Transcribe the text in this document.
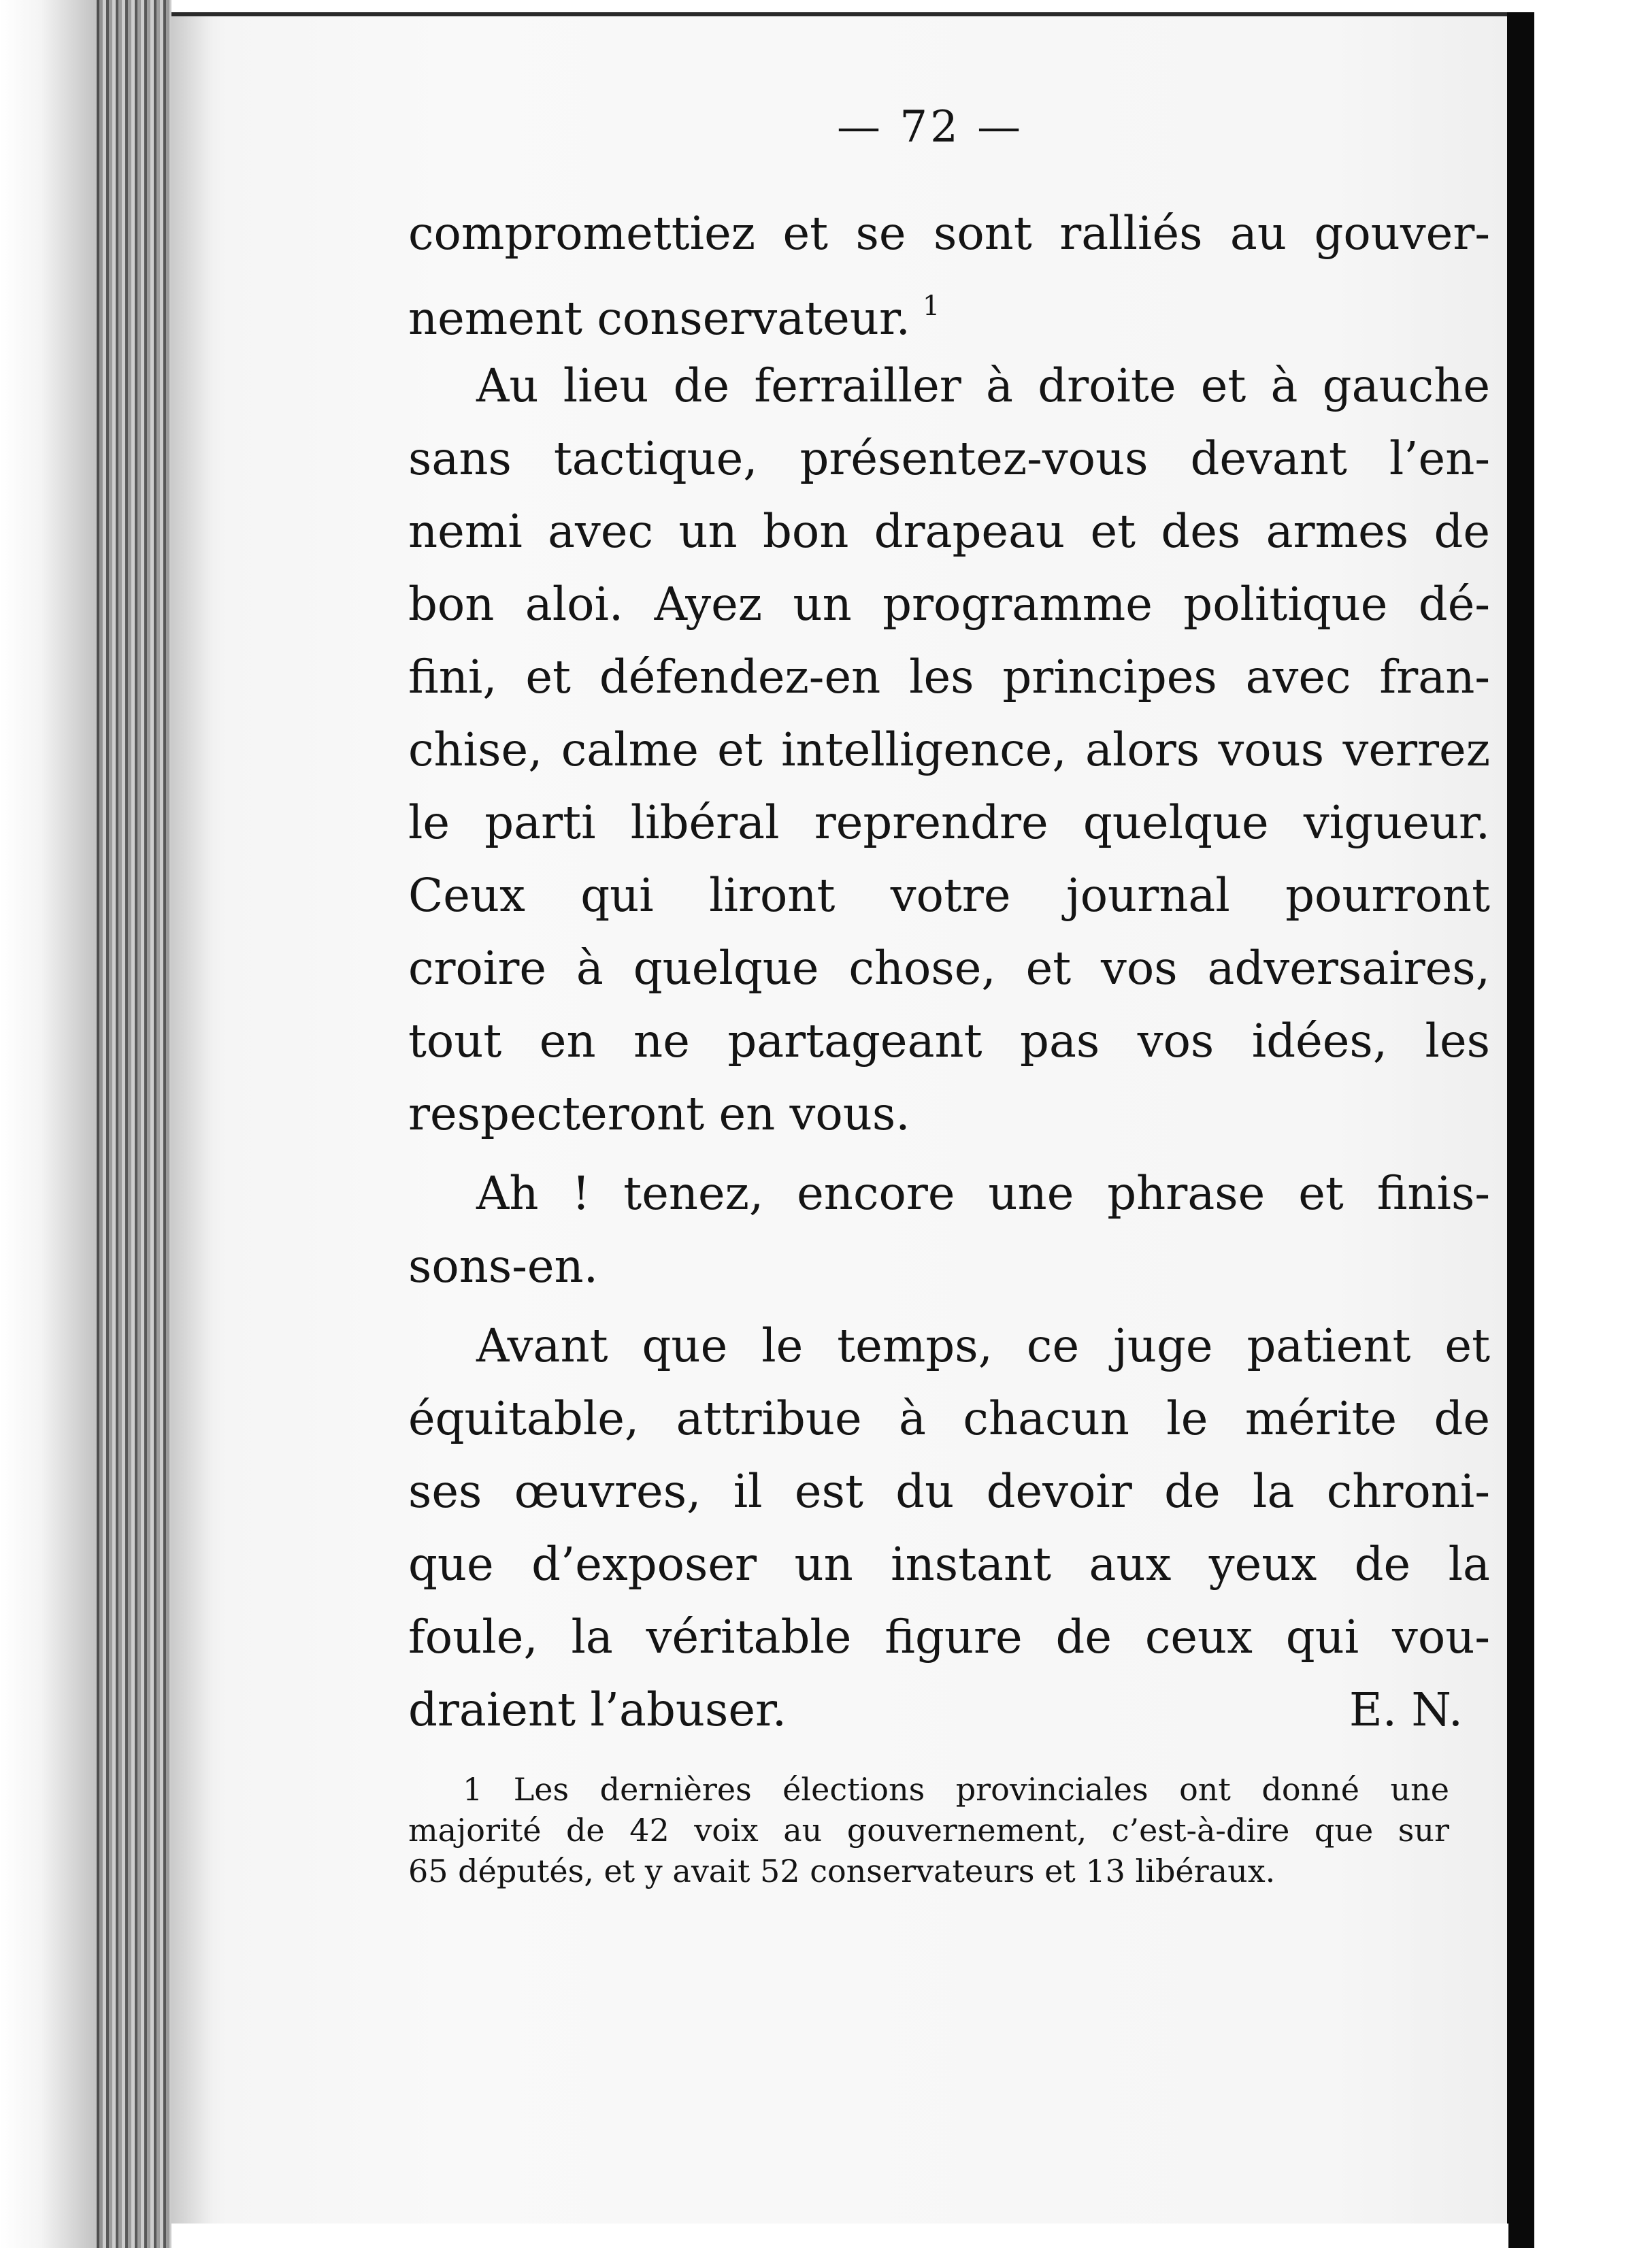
— 72 —
compromettiez et se sont ralliés au gouver-
nement conservateur. $^1$
Au lieu de ferrailler à droite et à gauche
sans tactique, présentez-vous devant l’en-
nemi avec un bon drapeau et des armes de
bon aloi. Ayez un programme politique dé-
fini, et défendez-en les principes avec fran-
chise, calme et intelligence, alors vous verrez
le parti libéral reprendre quelque vigueur.
Ceux qui liront votre journal pourront
croire à quelque chose, et vos adversaires,
tout en ne partageant pas vos idées, les
respecteront en vous.
Ah ! tenez, encore une phrase et finis-
sons-en.
Avant que le temps, ce juge patient et
équitable, attribue à chacun le mérite de
ses œuvres, il est du devoir de la chroni-
que d’exposer un instant aux yeux de la
foule, la véritable figure de ceux qui vou-
draient l’abuser.	E. N.
1 Les dernières élections provinciales ont donné une
majorité de 42 voix au gouvernement, c’est-à-dire que sur
65 députés, et y avait 52 conservateurs et 13 libéraux.
